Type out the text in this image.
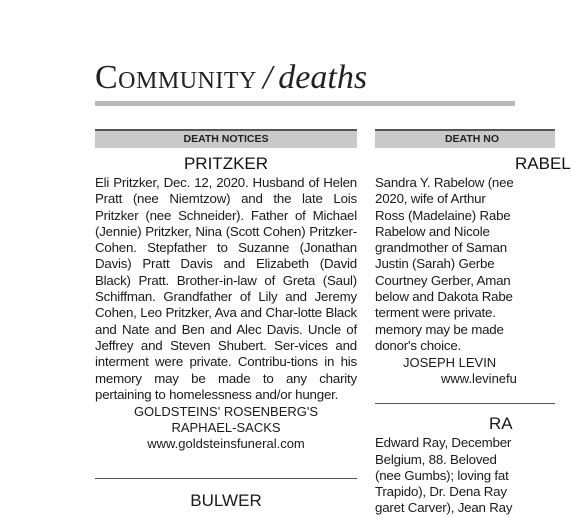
Community / deaths
DEATH NOTICES
PRITZKER
Eli Pritzker, Dec. 12, 2020. Husband of Helen Pratt (nee Niemtzow) and the late Lois Pritzker (nee Schneider). Father of Michael (Jennie) Pritzker, Nina (Scott Cohen) Pritzker-Cohen. Stepfather to Suzanne (Jonathan Davis) Pratt Davis and Elizabeth (David Black) Pratt. Brother-in-law of Greta (Saul) Schiffman. Grandfather of Lily and Jeremy Cohen, Leo Pritzker, Ava and Char-lotte Black and Nate and Ben and Alec Davis. Uncle of Jeffrey and Steven Shubert. Ser-vices and interment were private. Contribu-tions in his memory may be made to any charity pertaining to homelessness and/or hunger.
GOLDSTEINS' ROSENBERG'S
RAPHAEL-SACKS
www.goldsteinsfuneral.com
BULWER
DEATH NO
RABEL
Sandra Y. Rabelow (nee
2020, wife of Arthur
Ross (Madelaine) Rabe
Rabelow and Nicole
grandmother of Saman
Justin (Sarah) Gerbe
Courtney Gerber, Aman
below and Dakota Rabe
terment were private.
memory may be made
donor's choice.
JOSEPH LEVIN
www.levinefu
RA
Edward Ray, December
Belgium, 88. Beloved
(nee Gumbs); loving fat
Trapido), Dr. Dena Ray
garet Carver), Jean Ray
